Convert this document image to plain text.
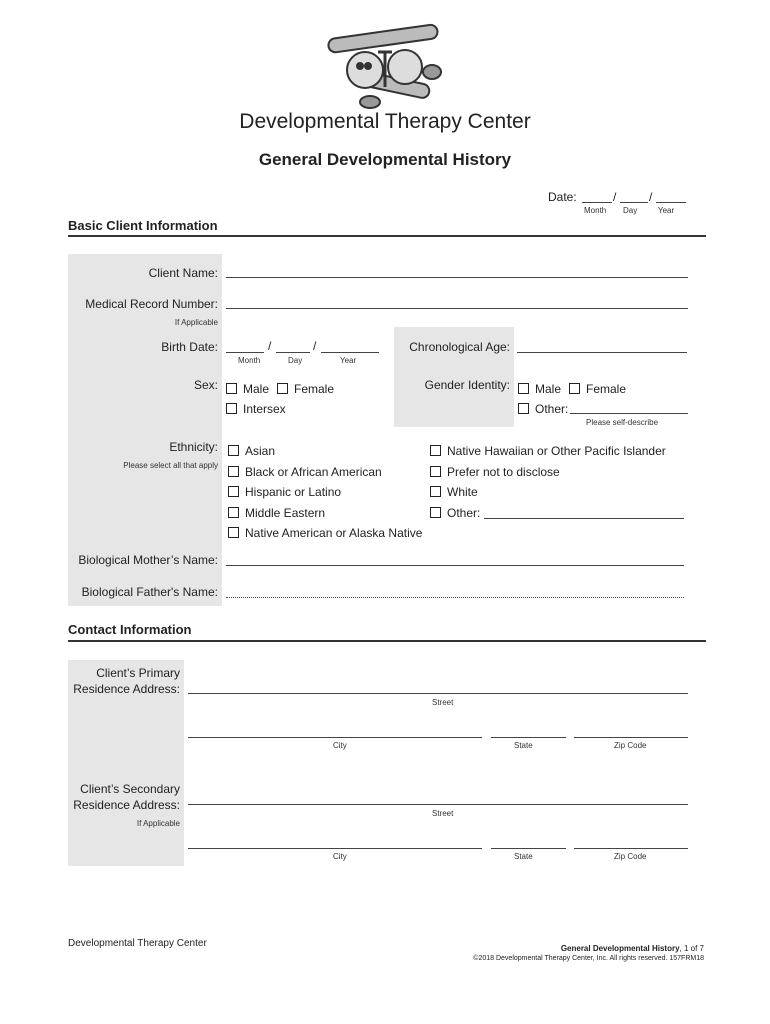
Developmental Therapy Center
General Developmental History
Date:	/	/
Month Day	Year
Basic Client Information
Client Name:
Medical Record Number:
If Applicable
Birth Date:	/	/
Month	Day	Year
Chronological Age:
Sex:	Male	Female
Intersex
Gender Identity:	Male	Female
Other:
Please self-describe
Ethnicity:
Please select all that apply
Asian
Black or African American
Hispanic or Latino
Middle Eastern
Native American or Alaska Native
Native Hawaiian or Other Pacific Islander
Prefer not to disclose
White
Other:
Biological Mother’s Name:
Biological Father's Name:
Contact Information
Client’s Primary
Residence Address:
Street
City	State	Zip Code
Client’s Secondary
Residence Address:
If Applicable
Street
City	State	Zip Code
Developmental Therapy Center	General Developmental History, 1 of 7
©2018 Developmental Therapy Center, Inc. All rights reserved. 157FRM18
